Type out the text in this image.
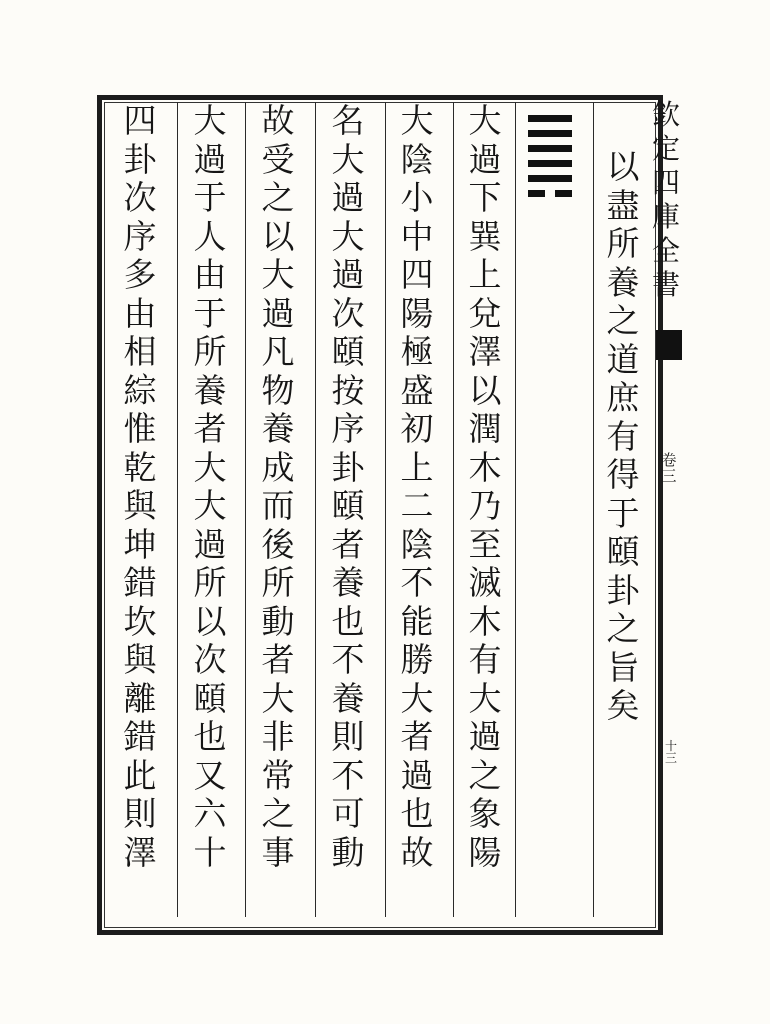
欽
定
四
庫
全
書
卷
三
十
三
以
盡
所
養
之
道
庶
有
得
于
頤
卦
之
旨
矣
大
過
下
巽
上
兌
澤
以
潤
木
乃
至
滅
木
有
大
過
之
象
陽
大
陰
小
中
四
陽
極
盛
初
上
二
陰
不
能
勝
大
者
過
也
故
名
大
過
大
過
次
頤
按
序
卦
頤
者
養
也
不
養
則
不
可
動
故
受
之
以
大
過
凡
物
養
成
而
後
所
動
者
大
非
常
之
事
大
過
于
人
由
于
所
養
者
大
大
過
所
以
次
頤
也
又
六
十
四
卦
次
序
多
由
相
綜
惟
乾
與
坤
錯
坎
與
離
錯
此
則
澤
